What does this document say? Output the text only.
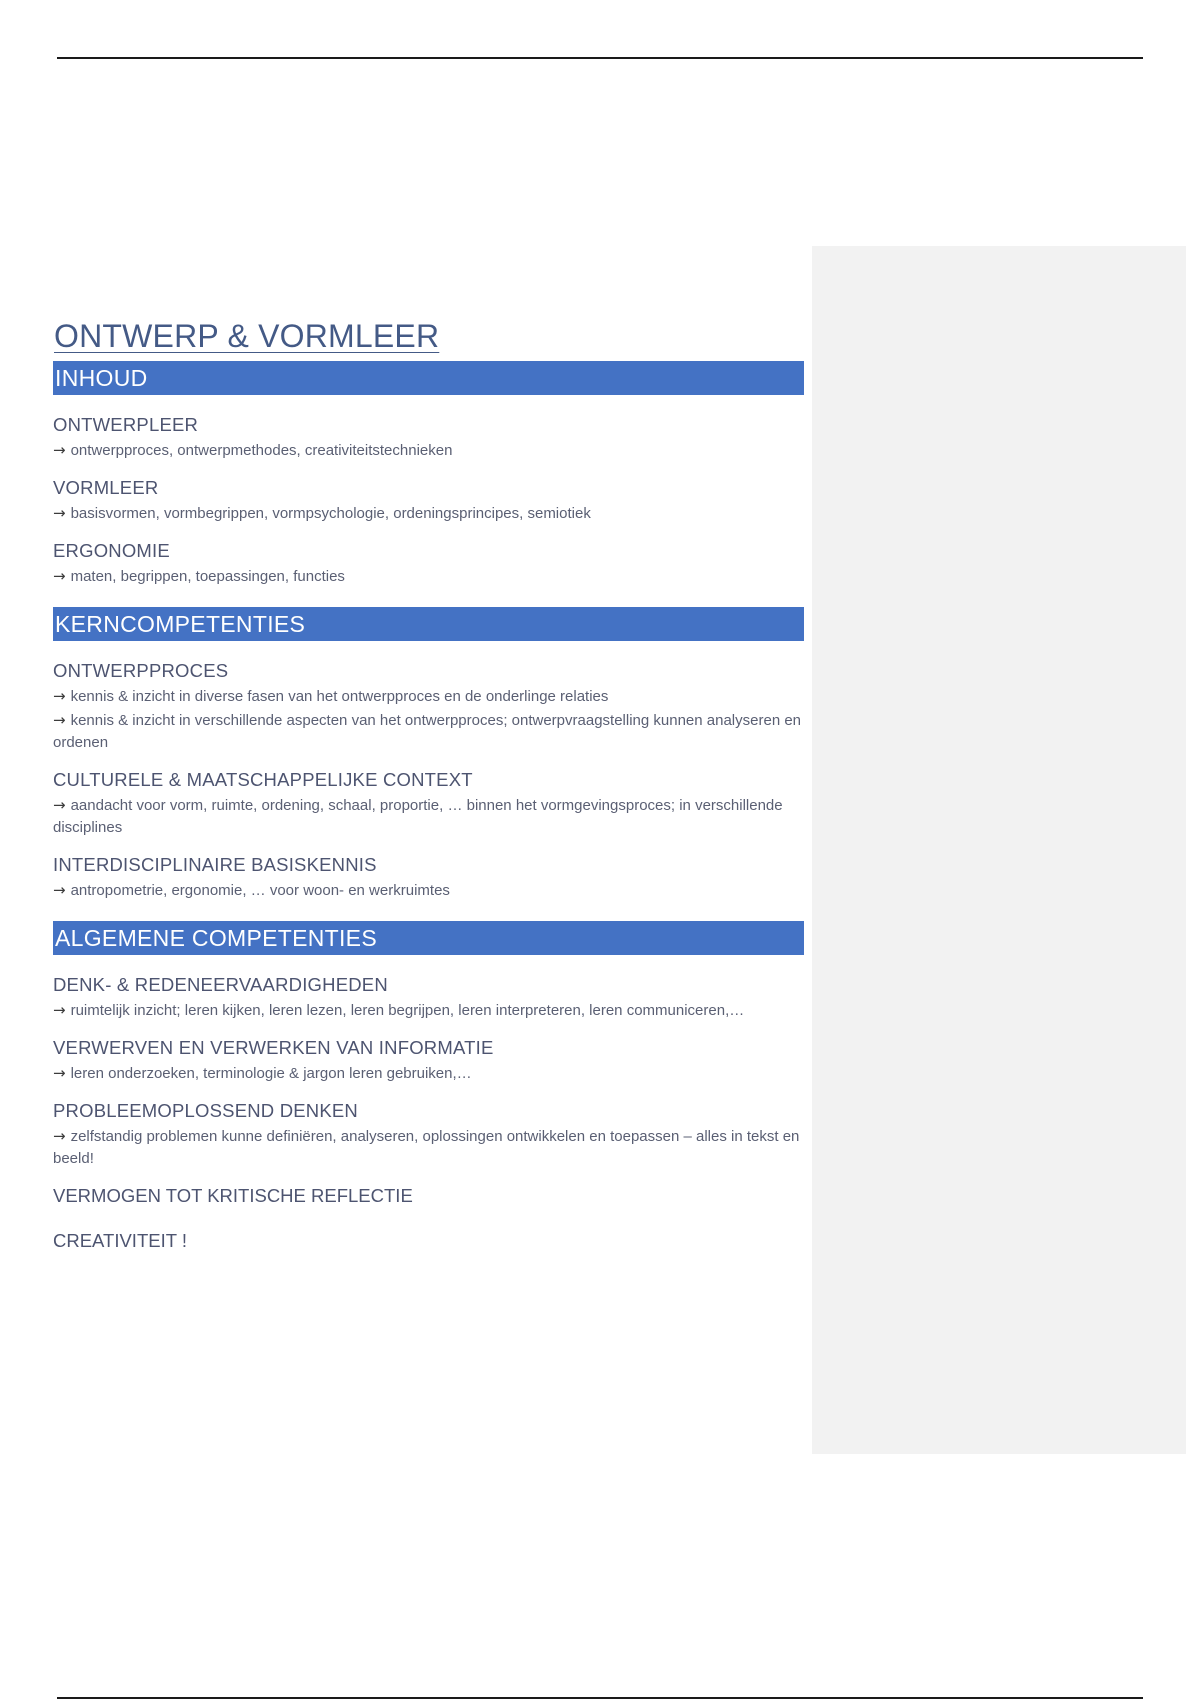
ONTWERP & VORMLEER
INHOUD
ONTWERPLEER
→ ontwerpproces, ontwerpmethodes, creativiteitstechnieken
VORMLEER
→ basisvormen, vormbegrippen, vormpsychologie, ordeningsprincipes, semiotiek
ERGONOMIE
→ maten, begrippen, toepassingen, functies
KERNCOMPETENTIES
ONTWERPPROCES
→ kennis & inzicht in diverse fasen van het ontwerpproces en de onderlinge relaties
→ kennis & inzicht in verschillende aspecten van het ontwerpproces; ontwerpvraagstelling kunnen analyseren en ordenen
CULTURELE & MAATSCHAPPELIJKE CONTEXT
→ aandacht voor vorm, ruimte, ordening, schaal, proportie, … binnen het vormgevingsproces; in verschillende disciplines
INTERDISCIPLINAIRE BASISKENNIS
→ antropometrie, ergonomie, … voor woon- en werkruimtes
ALGEMENE COMPETENTIES
DENK- & REDENEERVAARDIGHEDEN
→ ruimtelijk inzicht; leren kijken, leren lezen, leren begrijpen, leren interpreteren, leren communiceren,…
VERWERVEN EN VERWERKEN VAN INFORMATIE
→ leren onderzoeken, terminologie & jargon leren gebruiken,…
PROBLEEMOPLOSSEND DENKEN
→ zelfstandig problemen kunne definiëren, analyseren, oplossingen ontwikkelen en toepassen – alles in tekst en beeld!
VERMOGEN TOT KRITISCHE REFLECTIE
CREATIVITEIT !
